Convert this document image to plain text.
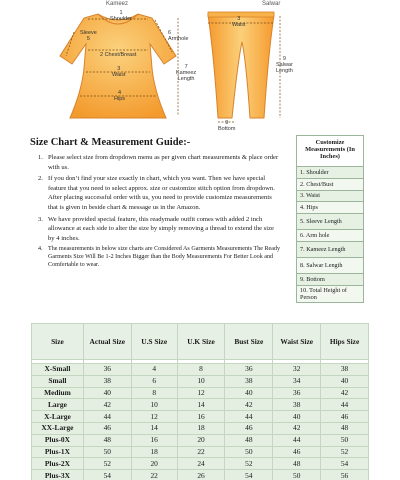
Kameez	Salwar
1
Shoulder
Sleeve
5
6
Armhole
2 Chest/Breast
7
Kameez
Length
3
Waist
4
Hips
3
Waist
9
Salwar
Length
9
Bottom
Size Chart & Measurement Guide:-
1. Please select size from dropdown menu as per given chart measurements & place order with us.
2. If you don’t find your size exactly in chart, which you want. Then we have special feature that you need to select approx. size or customize stitch option from dropdown. After placing successful order with us, you need to provide customize measurements that is given in beside chart & message us in the Amazon.
3. We have provided special feature, this readymade outfit comes with added 2 inch allowance at each side to alter the size by simply removing a thread to extend the size by 4 inches.
4. The measurements in below size charts are Considered As Garments Measurements The Ready Garments Size Will Be 1-2 Inches Bigger than the Body Measurements For Better Look and Comfertable to wear.
Customize Measurements (In Inches)
1. Shoulder
2. Chest/Bust
3. Waist
4. Hips
5. Sleeve Length
6. Arm hole
7. Kameez Length
8. Salwar Length
9. Bottom
10. Total Height of Person
Size	Actual Size	U.S Size	U.K Size	Bust Size	Waist Size	Hips Size

X-Small	36	4	8	36	32	38
Small	38	6	10	38	34	40
Medium	40	8	12	40	36	42
Large	42	10	14	42	38	44
X-Large	44	12	16	44	40	46
XX-Large	46	14	18	46	42	48
Plus-0X	48	16	20	48	44	50
Plus-1X	50	18	22	50	46	52
Plus-2X	52	20	24	52	48	54
Plus-3X	54	22	26	54	50	56
